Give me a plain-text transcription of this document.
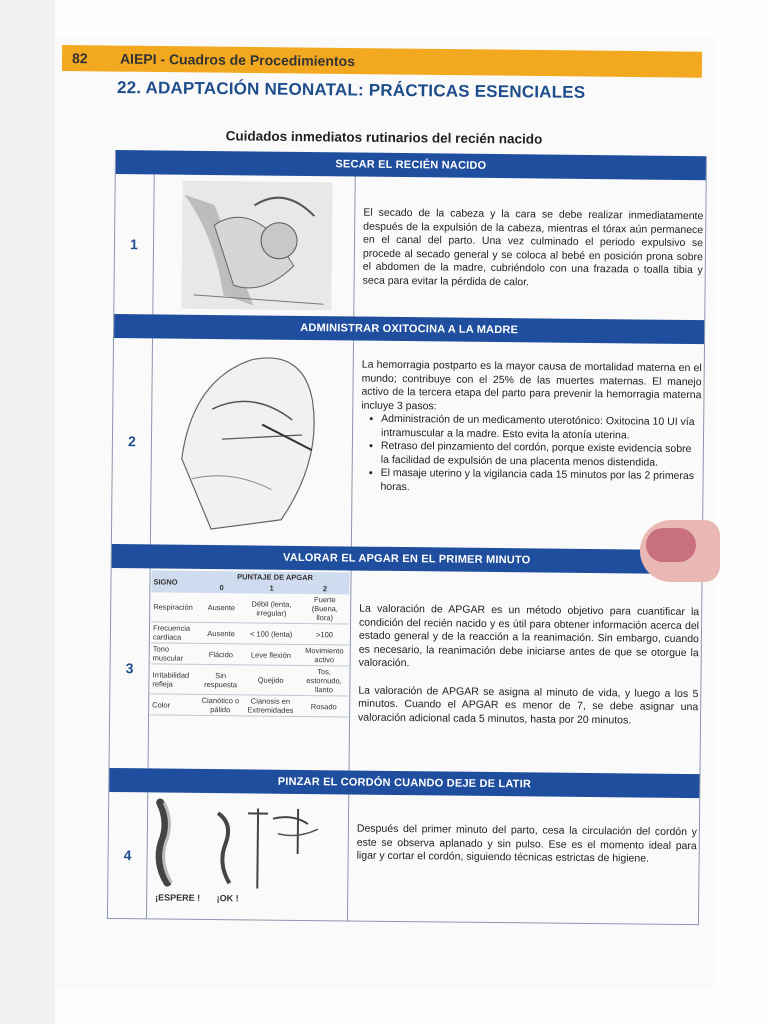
82	AIEPI - Cuadros de Procedimientos
22. ADAPTACIÓN NEONATAL: PRÁCTICAS ESENCIALES
Cuidados inmediatos rutinarios del recién nacido
SECAR EL RECIÉN NACIDO
1

El secado de la cabeza y la cara se debe realizar inmediatamente después de la expulsión de la cabeza, mientras el tórax aún permanece en el canal del parto. Una vez culminado el periodo expulsivo se procede al secado general y se coloca al bebé en posición prona sobre el abdomen de la madre, cubriéndolo con una frazada o toalla tibia y seca para evitar la pérdida de calor.

ADMINISTRAR OXITOCINA A LA MADRE
2

La hemorragia postparto es la mayor causa de mortalidad materna en el mundo; contribuye con el 25% de las muertes maternas. El manejo activo de la tercera etapa del parto para prevenir la hemorragia materna incluye 3 pasos:

● Administración de un medicamento uterotónico: Oxitocina 10 UI vía intramuscular a la madre. Esto evita la atonía uterina.
● Retraso del pinzamiento del cordón, porque existe evidencia sobre la facilidad de expulsión de una placenta menos distendida.
● El masaje uterino y la vigilancia cada 15 minutos por las 2 primeras horas.
VALORAR EL APGAR EN EL PRIMER MINUTO
3
SIGNO	PUNTAJE DE APGAR		
	0	1	2
Respiración	Ausente	Débil (lenta, irregular)	Fuerte (Buena, llora)
Frecuencia cardiaca	Ausente	< 100 (lenta)	>100
Tono muscular	Flácido	Leve flexión	Movimiento activo
Irritabilidad refleja	Sin respuesta	Quejido	Tos, estornudo, llanto
Color	Cianótico o pálido	Cianosis en Extremidades	Rosado

La valoración de APGAR es un método objetivo para cuantificar la condición del recién nacido y es útil para obtener información acerca del estado general y de la reacción a la reanimación. Sin embargo, cuando es necesario, la reanimación debe iniciarse antes de que se otorgue la valoración.

La valoración de APGAR se asigna al minuto de vida, y luego a los 5 minutos. Cuando el APGAR es menor de 7, se debe asignar una valoración adicional cada 5 minutos, hasta por 20 minutos.

PINZAR EL CORDÓN CUANDO DEJE DE LATIR
4
¡ESPERE ! ¡OK !

Después del primer minuto del parto, cesa la circulación del cordón y este se observa aplanado y sin pulso. Ese es el momento ideal para ligar y cortar el cordón, siguiendo técnicas estrictas de higiene.
